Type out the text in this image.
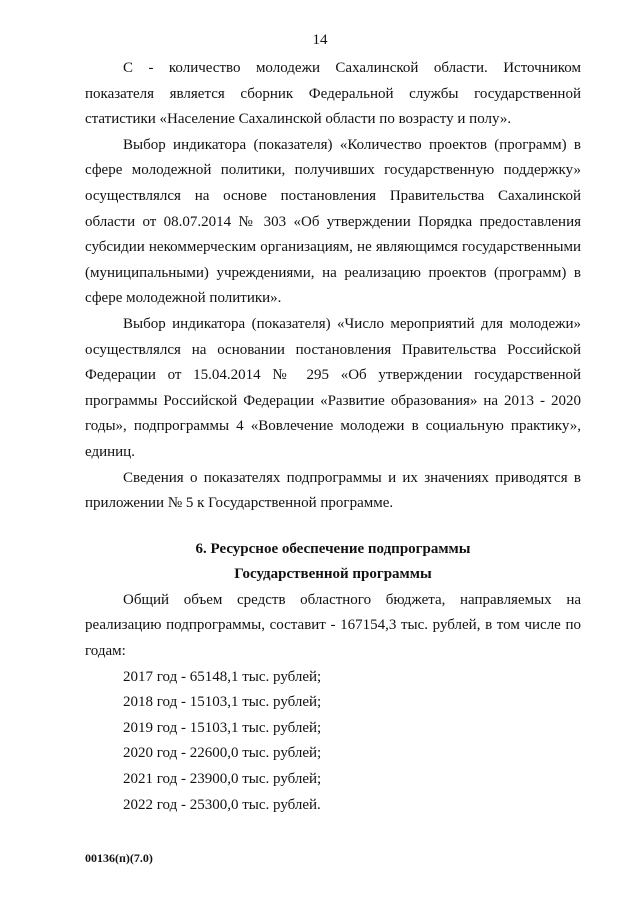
14

С - количество молодежи Сахалинской области. Источником показателя является сборник Федеральной службы государственной статистики «Население Сахалинской области по возрасту и полу».

Выбор индикатора (показателя) «Количество проектов (программ) в сфере молодежной политики, получивших государственную поддержку» осуществлялся на основе постановления Правительства Сахалинской области от 08.07.2014 № 303 «Об утверждении Порядка предоставления субсидии некоммерческим организациям, не являющимся государственными (муниципальными) учреждениями, на реализацию проектов (программ) в сфере молодежной политики».

Выбор индикатора (показателя) «Число мероприятий для молодежи» осуществлялся на основании постановления Правительства Российской Федерации от 15.04.2014 № 295 «Об утверждении государственной программы Российской Федерации «Развитие образования» на 2013 - 2020 годы», подпрограммы 4 «Вовлечение молодежи в социальную практику», единиц.

Сведения о показателях подпрограммы и их значениях приводятся в приложении № 5 к Государственной программе.

6. Ресурсное обеспечение подпрограммы
Государственной программы

Общий объем средств областного бюджета, направляемых на реализацию подпрограммы, составит - 167154,3 тыс. рублей, в том числе по годам:

2017 год - 65148,1 тыс. рублей;
2018 год - 15103,1 тыс. рублей;
2019 год - 15103,1 тыс. рублей;
2020 год - 22600,0 тыс. рублей;
2021 год - 23900,0 тыс. рублей;
2022 год - 25300,0 тыс. рублей.
00136(п)(7.0)
